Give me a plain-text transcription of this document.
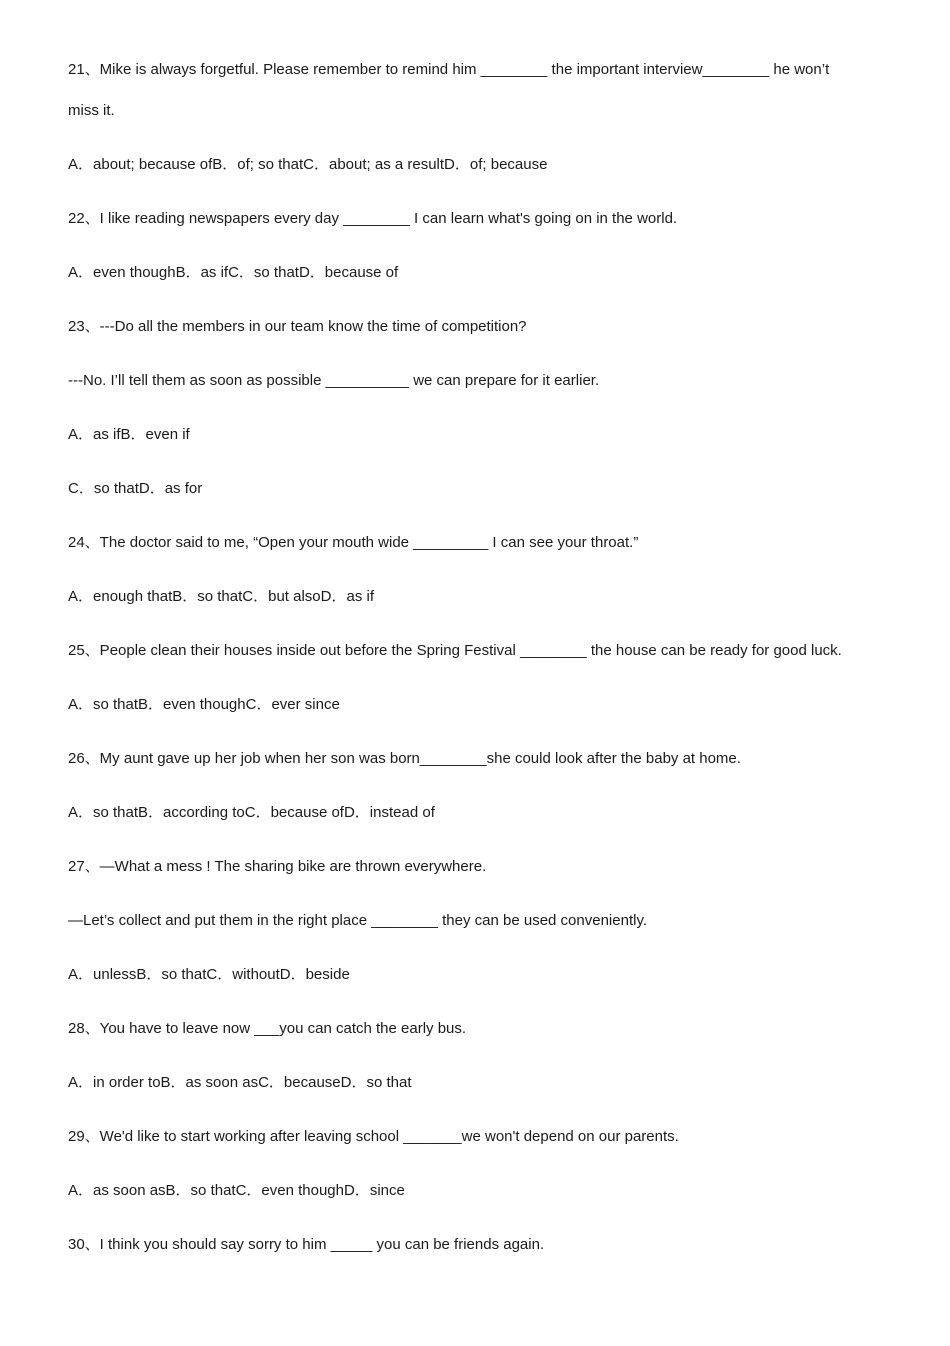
21、Mike is always forgetful. Please remember to remind him ________ the important interview________ he won’t
miss it.
A．about; because ofB．of; so thatC．about; as a resultD．of; because
22、I like reading newspapers every day ________ I can learn what's going on in the world.
A．even thoughB．as ifC．so thatD．because of
23、---Do all the members in our team know the time of competition?
---No. I’ll tell them as soon as possible __________ we can prepare for it earlier.
A．as ifB．even if
C．so thatD．as for
24、The doctor said to me, “Open your mouth wide _________ I can see your throat.”
A．enough thatB．so thatC．but alsoD．as if
25、People clean their houses inside out before the Spring Festival ________ the house can be ready for good luck.
A．so thatB．even thoughC．ever since
26、My aunt gave up her job when her son was born________she could look after the baby at home.
A．so thatB．according toC．because ofD．instead of
27、—What a mess ! The sharing bike are thrown everywhere.
—Let’s collect and put them in the right place ________ they can be used conveniently.
A．unlessB．so thatC．withoutD．beside
28、You have to leave now ___you can catch the early bus.
A．in order toB．as soon asC．becauseD．so that
29、We'd like to start working after leaving school _______we won't depend on our parents.
A．as soon asB．so thatC．even thoughD．since
30、I think you should say sorry to him _____ you can be friends again.
